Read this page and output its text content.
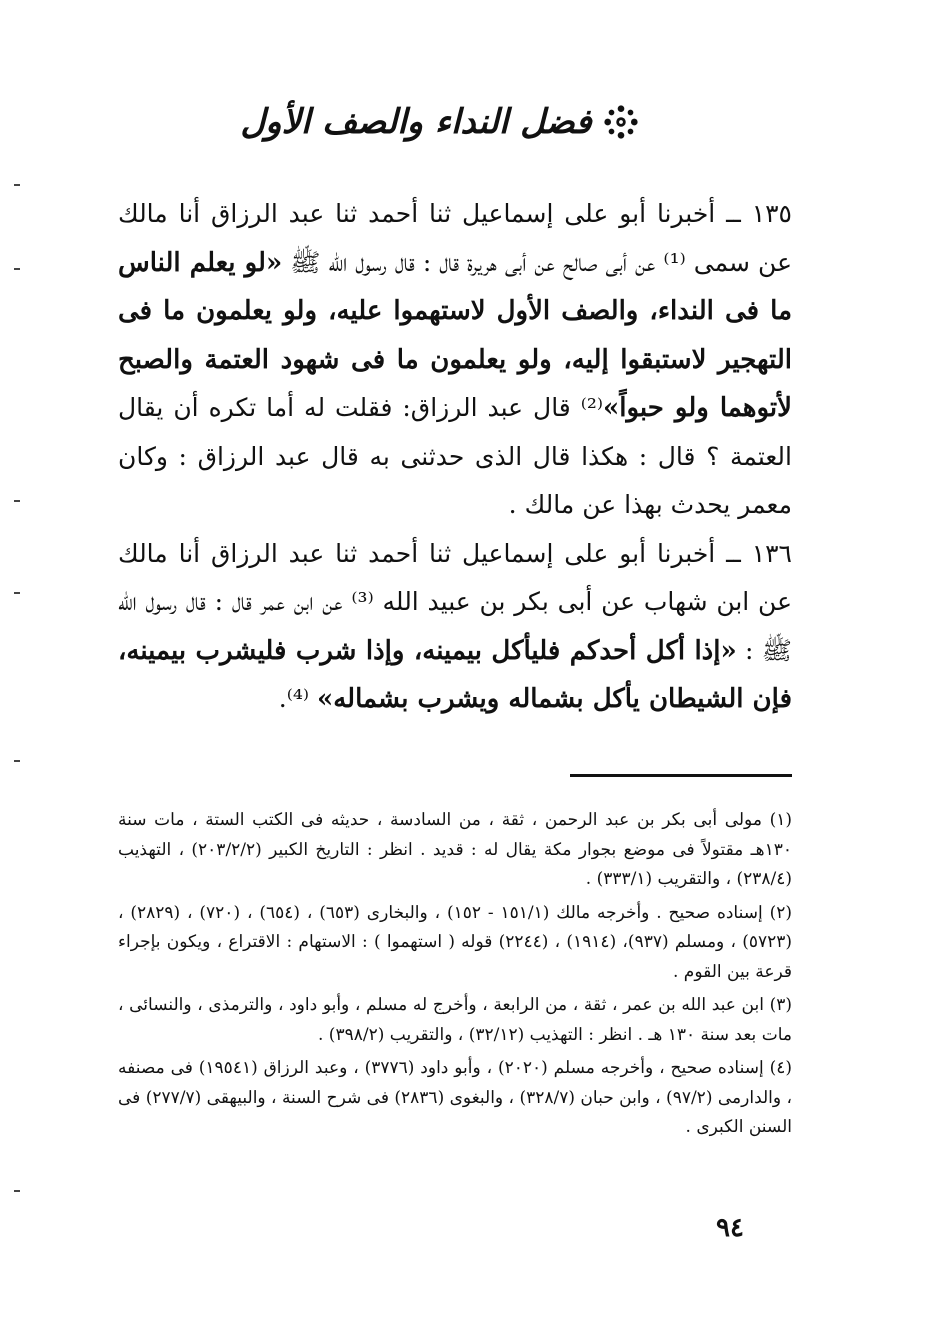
فضل النداء والصف الأول

١٣٥ ــ أخبرنا أبو على إسماعيل ثنا أحمد ثنا عبد الرزاق أنا مالك عن سمى ⁽¹⁾ عن أبى صالح عن أبى هريرة قال : قال رسول الله ﷺ «لو يعلم الناس ما فى النداء، والصف الأول لاستهموا عليه، ولو يعلمون ما فى التهجير لاستبقوا إليه، ولو يعلمون ما فى شهود العتمة والصبح لأتوهما ولو حبواً»⁽²⁾ قال عبد الرزاق: فقلت له أما تكره أن يقال العتمة ؟ قال : هكذا قال الذى حدثنى به قال عبد الرزاق : وكان معمر يحدث بهذا عن مالك .

١٣٦ ــ أخبرنا أبو على إسماعيل ثنا أحمد ثنا عبد الرزاق أنا مالك عن ابن شهاب عن أبى بكر بن عبيد الله ⁽³⁾ عن ابن عمر قال : قال رسول الله ﷺ : «إذا أكل أحدكم فليأكل بيمينه، وإذا شرب فليشرب بيمينه، فإن الشيطان يأكل بشماله ويشرب بشماله» ⁽⁴⁾.

(١) مولى أبى بكر بن عبد الرحمن ، ثقة ، من السادسة ، حديثه فى الكتب الستة ، مات سنة ١٣٠هـ مقتولاً فى موضع بجوار مكة يقال له : قديد . انظر : التاريخ الكبير (٢٠٣/٢/٢) ، التهذيب (٢٣٨/٤) ، والتقريب (٣٣٣/١) .

(٢) إسناده صحيح . وأخرجه مالك (١٥١/١ - ١٥٢) ، والبخارى (٦٥٣) ، (٦٥٤) ، (٧٢٠) ، (٢٨٢٩) ، (٥٧٢٣) ، ومسلم (٩٣٧)، (١٩١٤) ، (٢٢٤٤) قوله ( استهموا ) : الاستهام : الاقتراع ، ويكون بإجراء قرعة بين القوم .

(٣) ابن عبد الله بن عمر ، ثقة ، من الرابعة ، وأخرج له مسلم ، وأبو داود ، والترمذى ، والنسائى ، مات بعد سنة ١٣٠ هـ . انظر : التهذيب (٣٢/١٢) ، والتقريب (٣٩٨/٢) .

(٤) إسناده صحيح ، وأخرجه مسلم (٢٠٢٠) ، وأبو داود (٣٧٧٦) ، وعبد الرزاق (١٩٥٤١) فى مصنفه ، والدارمى (٩٧/٢) ، وابن حبان (٣٢٨/٧) ، والبغوى (٢٨٣٦) فى شرح السنة ، والبيهقى (٢٧٧/٧) فى السنن الكبرى .

٩٤
